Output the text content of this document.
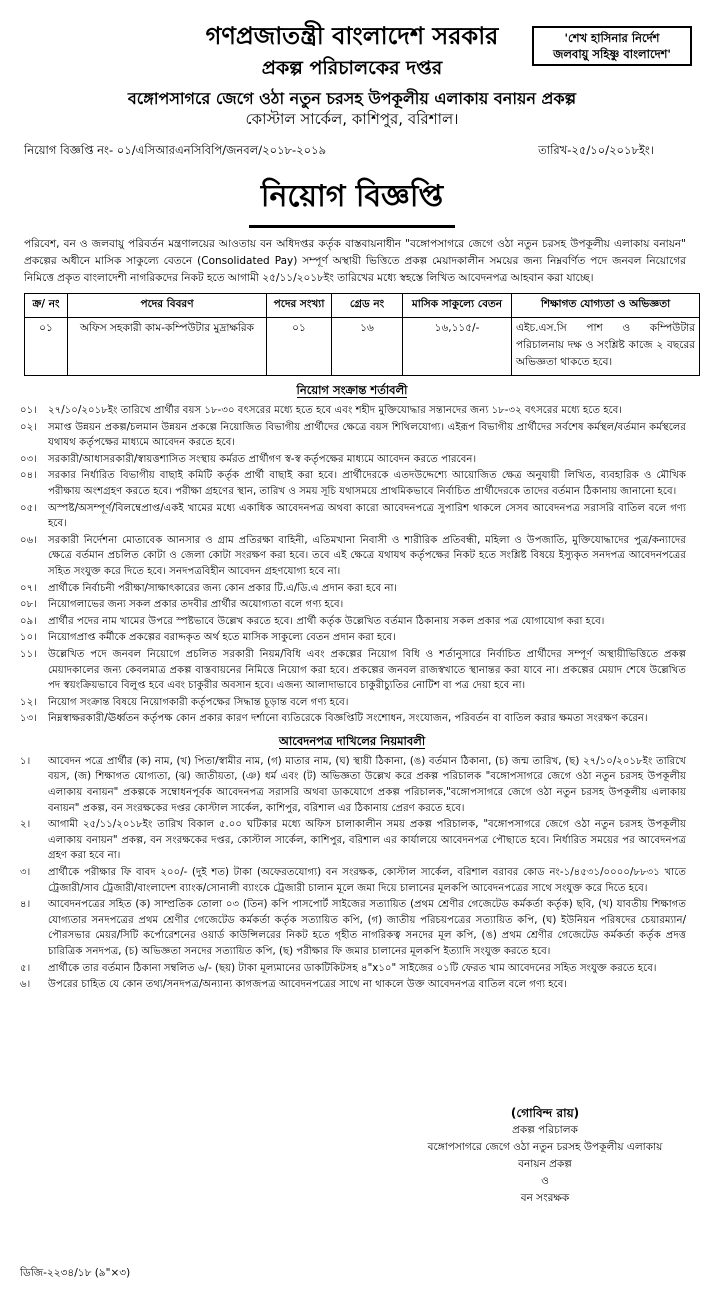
গণপ্রজাতন্ত্রী বাংলাদেশ সরকার
প্রকল্প পরিচালকের দপ্তর
বঙ্গোপসাগরে জেগে ওঠা নতুন চরসহ উপকূলীয় এলাকায় বনায়ন প্রকল্প
কোস্টাল সার্কেল, কাশিপুর, বরিশাল।
'শেখ হাসিনার নির্দেশ
জলবায়ু সহিষ্ণু বাংলাদেশ'
নিয়োগ বিজ্ঞপ্তি নং- ০১/এসিআরএনসিবিপি/জনবল/২০১৮-২০১৯	তারিখ-২৫/১০/২০১৮ইং।
নিয়োগ বিজ্ঞপ্তি
পরিবেশ, বন ও জলবায়ু পরিবর্তন মন্ত্রণালয়ের আওতায় বন অধিদপ্তর কর্তৃক বাস্তবায়নাধীন "বঙ্গোপসাগরে জেগে ওঠা নতুন চরসহ উপকূলীয় এলাকায় বনায়ন" প্রকল্পের অধীনে মাসিক সাকুল্যে বেতনে (Consolidated Pay) সম্পূর্ণ অস্থায়ী ভিত্তিতে প্রকল্প মেয়াদকালীন সময়ের জন্য নিম্নবর্ণিত পদে জনবল নিয়োগের নিমিত্তে প্রকৃত বাংলাদেশী নাগরিকদের নিকট হতে আগামী ২৫/১১/২০১৮ইং তারিখের মধ্যে স্বহস্তে লিখিত আবেদনপত্র আহবান করা যাচ্ছে।
ক্র/ নং	পদের বিবরণ	পদের সংখ্যা	গ্রেড নং	মাসিক সাকুল্যে বেতন	শিক্ষাগত যোগ্যতা ও অভিজ্ঞতা
০১	অফিস সহকারী কাম-কম্পিউটার মুদ্রাক্ষরিক	০১	১৬	১৬,১১৫/-	এইচ.এস.সি পাশ ও কম্পিউটার পরিচালনায় দক্ষ ও সংশ্লিষ্ট কাজে ২ বছরের অভিজ্ঞতা থাকতে হবে।
নিয়োগ সংক্রান্ত শর্তাবলী
০১।	২৭/১০/২০১৮ইং তারিখে প্রার্থীর বয়স ১৮-৩০ বৎসরের মধ্যে হতে হবে এবং শহীদ মুক্তিযোদ্ধার সন্তানদের জন্য ১৮-৩২ বৎসরের মধ্যে হতে হবে।
০২।	সমাপ্ত উন্নয়ন প্রকল্প/চলমান উন্নয়ন প্রকল্পে নিয়োজিত বিভাগীয় প্রার্থীদের ক্ষেত্রে বয়স শিথিলযোগ্য। এইরূপ বিভাগীয় প্রার্থীদের সর্বশেষ কর্মস্থল/বর্তমান কর্মস্থলের যথাযথ কর্তৃপক্ষের মাধ্যমে আবেদন করতে হবে।
০৩।	সরকারী/আধাসরকারী/স্বায়ত্তশাসিত সংস্থায় কর্মরত প্রার্থীগণ স্ব-স্ব কর্তৃপক্ষের মাধ্যমে আবেদন করতে পারবেন।
০৪।	সরকার নির্ধারিত বিভাগীয় বাছাই কমিটি কর্তৃক প্রার্থী বাছাই করা হবে। প্রার্থীদেরকে এতদউদ্দেশ্যে আয়োজিত ক্ষেত্র অনুযায়ী লিখিত, ব্যবহারিক ও মৌখিক পরীক্ষায় অংশগ্রহণ করতে হবে। পরীক্ষা গ্রহণের স্থান, তারিখ ও সময় সূচি যথাসময়ে প্রাথমিকভাবে নির্বাচিত প্রার্থীদেরকে তাদের বর্তমান ঠিকানায় জানানো হবে।
০৫।	অস্পষ্ট/অসম্পূর্ণ/বিলম্বেপ্রাপ্ত/একই খামের মধ্যে একাধিক আবেদনপত্র অথবা কারো আবেদনপত্রে সুপারিশ থাকলে সেসব আবেদনপত্র সরাসরি বাতিল বলে গণ্য হবে।
০৬।	সরকারী নির্দেশনা মোতাবেক আনসার ও গ্রাম প্রতিরক্ষা বাহিনী, এতিমখানা নিবাসী ও শারীরিক প্রতিবন্ধী, মহিলা ও উপজাতি, মুক্তিযোদ্ধাদের পুত্র/কন্যাদের ক্ষেত্রে বর্তমান প্রচলিত কোটা ও জেলা কোটা সংরক্ষণ করা হবে। তবে এই ক্ষেত্রে যথাযথ কর্তৃপক্ষের নিকট হতে সংশ্লিষ্ট বিষয়ে ইস্যুকৃত সনদপত্র আবেদনপত্রের সহিত সংযুক্ত করে দিতে হবে। সনদপত্রবিহীন আবেদন গ্রহণযোগ্য হবে না।
০৭।	প্রার্থীকে নির্বাচনী পরীক্ষা/সাক্ষাৎকারের জন্য কোন প্রকার টি.এ/ডি.এ প্রদান করা হবে না।
০৮।	নিয়োগলাভের জন্য সকল প্রকার তদবীর প্রার্থীর অযোগ্যতা বলে গণ্য হবে।
০৯।	প্রার্থীর পদের নাম খামের উপরে স্পষ্টভাবে উল্লেখ করতে হবে। প্রার্থী কর্তৃক উল্লেখিত বর্তমান ঠিকানায় সকল প্রকার পত্র যোগাযোগ করা হবে।
১০।	নিয়োগপ্রাপ্ত কর্মীকে প্রকল্পের বরাদ্দকৃত অর্থ হতে মাসিক সাকুল্যে বেতন প্রদান করা হবে।
১১।	উল্লেখিত পদে জনবল নিয়োগে প্রচলিত সরকারী নিয়ম/বিধি এবং প্রকল্পের নিয়োগ বিধি ও শর্তানুসারে নির্বাচিত প্রার্থীদের সম্পূর্ণ অস্থায়ীভিত্তিতে প্রকল্প মেয়াদকালের জন্য কেবলমাত্র প্রকল্প বাস্তবায়নের নিমিত্তে নিয়োগ করা হবে। প্রকল্পের জনবল রাজস্বখাতে স্থানান্তর করা যাবে না। প্রকল্পের মেয়াদ শেষে উল্লেখিত পদ স্বয়ংক্রিয়ভাবে বিলুপ্ত হবে এবং চাকুরীর অবসান হবে। এজন্য আলাদাভাবে চাকুরীচ্যুতির নোটিশ বা পত্র দেয়া হবে না।
১২।	নিয়োগ সংক্রান্ত বিষয়ে নিয়োগকারী কর্তৃপক্ষের সিদ্ধান্ত চূড়ান্ত বলে গণ্য হবে।
১৩।	নিম্নস্বাক্ষরকারী/ঊর্ধ্বতন কর্তৃপক্ষ কোন প্রকার কারণ দর্শানো ব্যতিরেকে বিজ্ঞপ্তিটি সংশোধন, সংযোজন, পরিবর্তন বা বাতিল করার ক্ষমতা সংরক্ষণ করেন।
আবেদনপত্র দাখিলের নিয়মাবলী
১।	আবেদন পত্রে প্রার্থীর (ক) নাম, (খ) পিতা/স্বামীর নাম, (গ) মাতার নাম, (ঘ) স্থায়ী ঠিকানা, (ঙ) বর্তমান ঠিকানা, (চ) জন্ম তারিখ, (ছ) ২৭/১০/২০১৮ইং তারিখে বয়স, (জ) শিক্ষাগত যোগ্যতা, (ঝ) জাতীয়তা, (ঞ) ধর্ম এবং (ট) অভিজ্ঞতা উল্লেখ করে প্রকল্প পরিচালক "বঙ্গোপসাগরে জেগে ওঠা নতুন চরসহ উপকূলীয় এলাকায় বনায়ন" প্রকল্পকে সম্বোধনপূর্বক আবেদনপত্র সরাসরি অথবা ডাকযোগে প্রকল্প পরিচালক,"বঙ্গোপসাগরে জেগে ওঠা নতুন চরসহ উপকূলীয় এলাকায় বনায়ন" প্রকল্প, বন সংরক্ষকের দপ্তর কোস্টাল সার্কেল, কাশিপুর, বরিশাল এর ঠিকানায় প্রেরণ করতে হবে।
২।	আগামী ২৫/১১/২০১৮ইং তারিখ বিকাল ৫.০০ ঘটিকার মধ্যে অফিস চালাকালীন সময় প্রকল্প পরিচালক, "বঙ্গোপসাগরে জেগে ওঠা নতুন চরসহ উপকূলীয় এলাকায় বনায়ন" প্রকল্প, বন সংরক্ষকের দপ্তর, কোস্টাল সার্কেল, কাশিপুর, বরিশাল এর কার্যালয়ে আবেদনপত্র পৌছাতে হবে। নির্ধারিত সময়ের পর আবেদনপত্র গ্রহণ করা হবে না।
৩।	প্রার্থীকে পরীক্ষার ফি বাবদ ২০০/- (দুই শত) টাকা (অফেরতযোগ্য) বন সংরক্ষক, কোস্টাল সার্কেল, বরিশাল বরাবর কোড নং-১/৪৫৩১/০০০০/৮৮৩১ খাতে ট্রেজারী/সাব ট্রেজারী/বাংলাদেশ ব্যাংক/সোনালী ব্যাংকে ট্রেজারী চালান মূলে জমা দিয়ে চালানের মূলকপি আবেদনপত্রের সাথে সংযুক্ত করে দিতে হবে।
৪।	আবেদনপত্রের সহিত (ক) সাম্প্রতিক তোলা ০৩ (তিন) কপি পাসপোর্ট সাইজের সত্যায়িত (প্রথম শ্রেণীর গেজেটেড কর্মকর্তা কর্তৃক) ছবি, (খ) যাবতীয় শিক্ষাগত যোগ্যতার সনদপত্রের প্রথম শ্রেণীর গেজেটেড কর্মকর্তা কর্তৃক সত্যায়িত কপি, (গ) জাতীয় পরিচয়পত্রের সত্যায়িত কপি, (ঘ) ইউনিয়ন পরিষদের চেয়ারম্যান/পৌরসভার মেয়র/সিটি কর্পোরেশনের ওয়ার্ড কাউন্সিলরের নিকট হতে গৃহীত নাগরিকত্ব সনদের মূল কপি, (ঙ) প্রথম শ্রেণীর গেজেটেড কর্মকর্তা কর্তৃক প্রদত্ত চারিত্রিক সনদপত্র, (চ) অভিজ্ঞতা সনদের সত্যায়িত কপি, (ছ) পরীক্ষার ফি জমার চালানের মূলকপি ইত্যাদি সংযুক্ত করতে হবে।
৫।	প্রার্থীকে তার বর্তমান ঠিকানা সম্বলিত ৬/- (ছয়) টাকা মূল্যমানের ডাকটিকিটসহ ৪"x১০" সাইজের ০১টি ফেরত খাম আবেদনের সহিত সংযুক্ত করতে হবে।
৬।	উপরের চাহিত যে কোন তথ্য/সনদপত্র/অন্যান্য কাগজপত্র আবেদনপত্রের সাথে না থাকলে উক্ত আবেদনপত্র বাতিল বলে গণ্য হবে।
(গোবিন্দ রায়)
প্রকল্প পরিচালক
বঙ্গোপসাগরে জেগে ওঠা নতুন চরসহ উপকূলীয় এলাকায়
বনায়ন প্রকল্প
ও
বন সংরক্ষক
ডিজি-২২৩৪/১৮ (৯"×৩)
